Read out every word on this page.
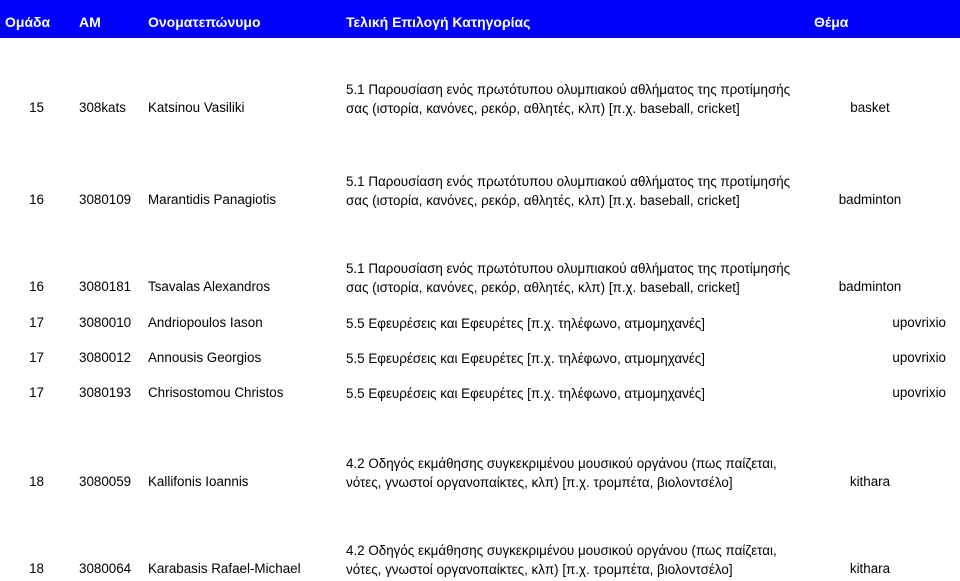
Ομάδα ΑΜ	Ονοματεπώνυμο	Τελική Επιλογή Κατηγορίας	Θέμα
15	308kats Katsinou Vasiliki
5.1 Παρουσίαση ενός πρωτότυπου ολυμπιακού αθλήματος της προτίμησής
σας (ιστορία, κανόνες, ρεκόρ, αθλητές, κλπ) [π.χ. baseball, cricket]	basket
16	3080109 Marantidis Panagiotis
5.1 Παρουσίαση ενός πρωτότυπου ολυμπιακού αθλήματος της προτίμησής
σας (ιστορία, κανόνες, ρεκόρ, αθλητές, κλπ) [π.χ. baseball, cricket]	badminton
16	3080181 Tsavalas Alexandros
5.1 Παρουσίαση ενός πρωτότυπου ολυμπιακού αθλήματος της προτίμησής
σας (ιστορία, κανόνες, ρεκόρ, αθλητές, κλπ) [π.χ. baseball, cricket]	badminton
17	3080010 Andriopoulos Iason	5.5 Εφευρέσεις και Εφευρέτες [π.χ. τηλέφωνο, ατμομηχανές]	upovrixio
17	3080012 Annousis Georgios	5.5 Εφευρέσεις και Εφευρέτες [π.χ. τηλέφωνο, ατμομηχανές]	upovrixio
17	3080193 Chrisostomou Christos	5.5 Εφευρέσεις και Εφευρέτες [π.χ. τηλέφωνο, ατμομηχανές]	upovrixio
18	3080059 Kallifonis Ioannis
4.2 Οδηγός εκμάθησης συγκεκριμένου μουσικού οργάνου (πως παίζεται,
νότες, γνωστοί οργανοπαίκτες, κλπ) [π.χ. τρομπέτα, βιολοντσέλο]	kithara
18	3080064 Karabasis Rafael-Michael
4.2 Οδηγός εκμάθησης συγκεκριμένου μουσικού οργάνου (πως παίζεται,
νότες, γνωστοί οργανοπαίκτες, κλπ) [π.χ. τρομπέτα, βιολοντσέλο]	kithara
